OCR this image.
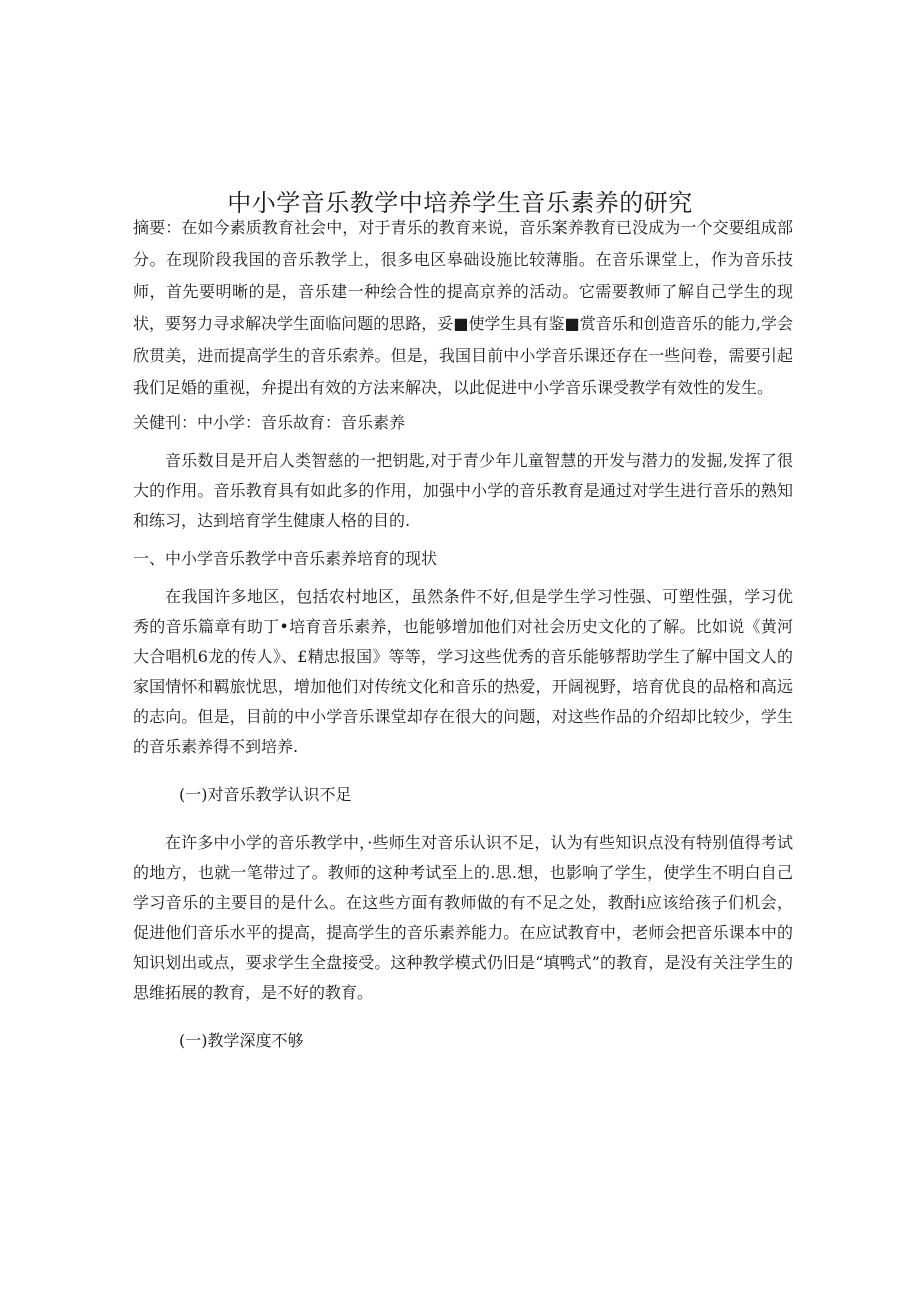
中小学音乐教学中培养学生音乐素养的研究

摘要：在如今素质教育社会中，对于青乐的教育来说，音乐案养教育已没成为一个交要组成部分。在现阶段我国的音乐教学上，很多电区皋础设施比较薄脂。在音乐课堂上，作为音乐技师，首先要明晰的是，音乐建一种绘合性的提高京养的活动。它需要教师了解自己学生的现状，要努力寻求解决学生面临问题的思路，妥■使学生具有鉴■赏音乐和创造音乐的能力,学会欣贯美，进而提高学生的音乐索养。但是，我国目前中小学音乐课还存在一些问卷，需要引起我们足婚的重视，弁提出有效的方法来解决，以此促进中小学音乐课受教学有效性的发生。

关健刊：中小学：音乐故育：音乐素养

音乐数目是开启人类智慈的一把钥匙,对于青少年儿童智慧的开发与潜力的发掘,发挥了很大的作用。音乐教育具有如此多的作用，加强中小学的音乐教育是通过对学生进行音乐的熟知和练习，达到培育学生健康人格的目的.

一、中小学音乐教学中音乐素养培育的现状

在我国许多地区，包括农村地区，虽然条件不好,但是学生学习性强、可塑性强，学习优秀的音乐篇章有助丁•培育音乐素养，也能够增加他们对社会历史文化的了解。比如说《黄河大合唱机6龙的传人》、£精忠报国》等等，学习这些优秀的音乐能够帮助学生了解中国文人的家国情怀和羁旅忧思，增加他们对传统文化和音乐的热爱，开阔视野，培育优良的品格和高远的志向。但是，目前的中小学音乐课堂却存在很大的问题，对这些作品的介绍却比较少，学生的音乐素养得不到培养.

(一)对音乐教学认识不足

在许多中小学的音乐教学中，·些师生对音乐认识不足，认为有些知识点没有特别值得考试的地方，也就一笔带过了。教师的这种考试至上的.思.想，也影响了学生，使学生不明白自己学习音乐的主要目的是什么。在这些方面有教师做的有不足之处，教酎i应该给孩子们机会，促进他们音乐水平的提高，提高学生的音乐素养能力。在应试教育中，老师会把音乐课本中的知识划出或点，要求学生全盘接受。这种教学模式仍旧是“填鸭式”的教育，是没有关注学生的思维拓展的教育，是不好的教育。

(一)教学深度不够
